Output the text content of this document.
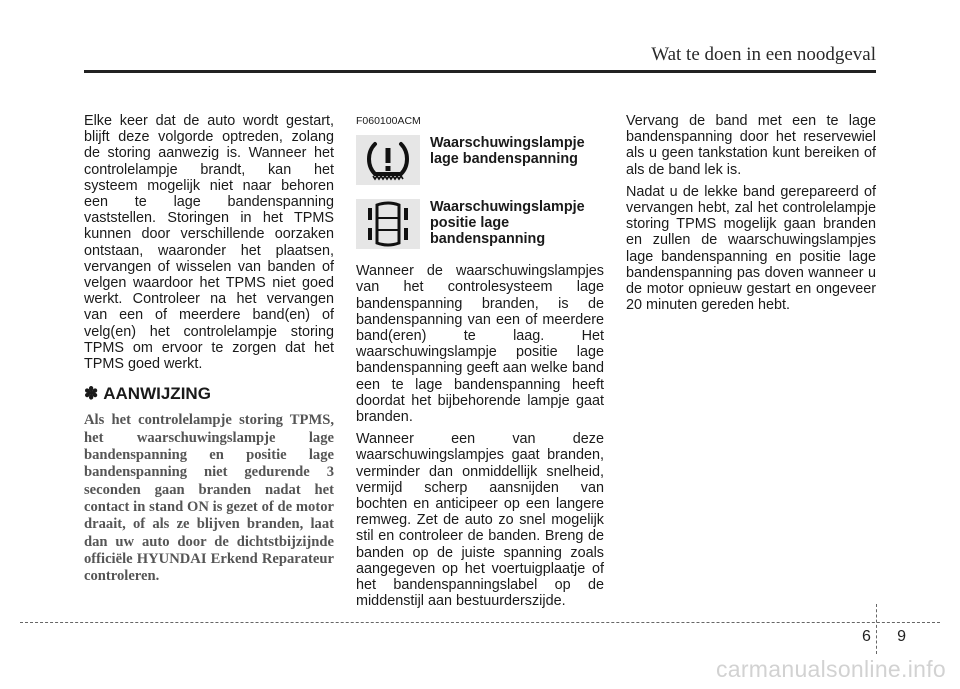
Wat te doen in een noodgeval

Elke keer dat de auto wordt gestart, blijft deze volgorde optreden, zolang de storing aanwezig is. Wanneer het controlelampje brandt, kan het systeem mogelijk niet naar behoren een te lage bandenspanning vaststellen. Storingen in het TPMS kunnen door verschillende oorzaken ontstaan, waaronder het plaatsen, vervangen of wisselen van banden of velgen waardoor het TPMS niet goed werkt. Controleer na het vervangen van een of meerdere band(en) of velg(en) het controlelampje storing TPMS om ervoor te zorgen dat het TPMS goed werkt.

✽ AANWIJZING
Als het controlelampje storing TPMS, het waarschuwingslampje lage bandenspanning en positie lage bandenspanning niet gedurende 3 seconden gaan branden nadat het contact in stand ON is gezet of de motor draait, of als ze blijven branden, laat dan uw auto door de dichtstbijzijnde officiële HYUNDAI Erkend Reparateur controleren.
F060100ACM
Waarschuwingslampje lage bandenspanning
Waarschuwingslampje positie lage bandenspanning

Wanneer de waarschuwingslampjes van het controlesysteem lage bandenspanning branden, is de bandenspanning van een of meerdere band(eren) te laag. Het waarschuwingslampje positie lage bandenspanning geeft aan welke band een te lage bandenspanning heeft doordat het bijbehorende lampje gaat branden.

Wanneer een van deze waarschuwingslampjes gaat branden, verminder dan onmiddellijk snelheid, vermijd scherp aansnijden van bochten en anticipeer op een langere remweg. Zet de auto zo snel mogelijk stil en controleer de banden. Breng de banden op de juiste spanning zoals aangegeven op het voertuigplaatje of het bandenspanningslabel op de middenstijl aan bestuurderszijde.

Vervang de band met een te lage bandenspanning door het reservewiel als u geen tankstation kunt bereiken of als de band lek is.

Nadat u de lekke band gerepareerd of vervangen hebt, zal het controlelampje storing TPMS mogelijk gaan branden en zullen de waarschuwingslampjes lage bandenspanning en positie lage bandenspanning pas doven wanneer u de motor opnieuw gestart en ongeveer 20 minuten gereden hebt.

6 9
carmanualsonline.info
